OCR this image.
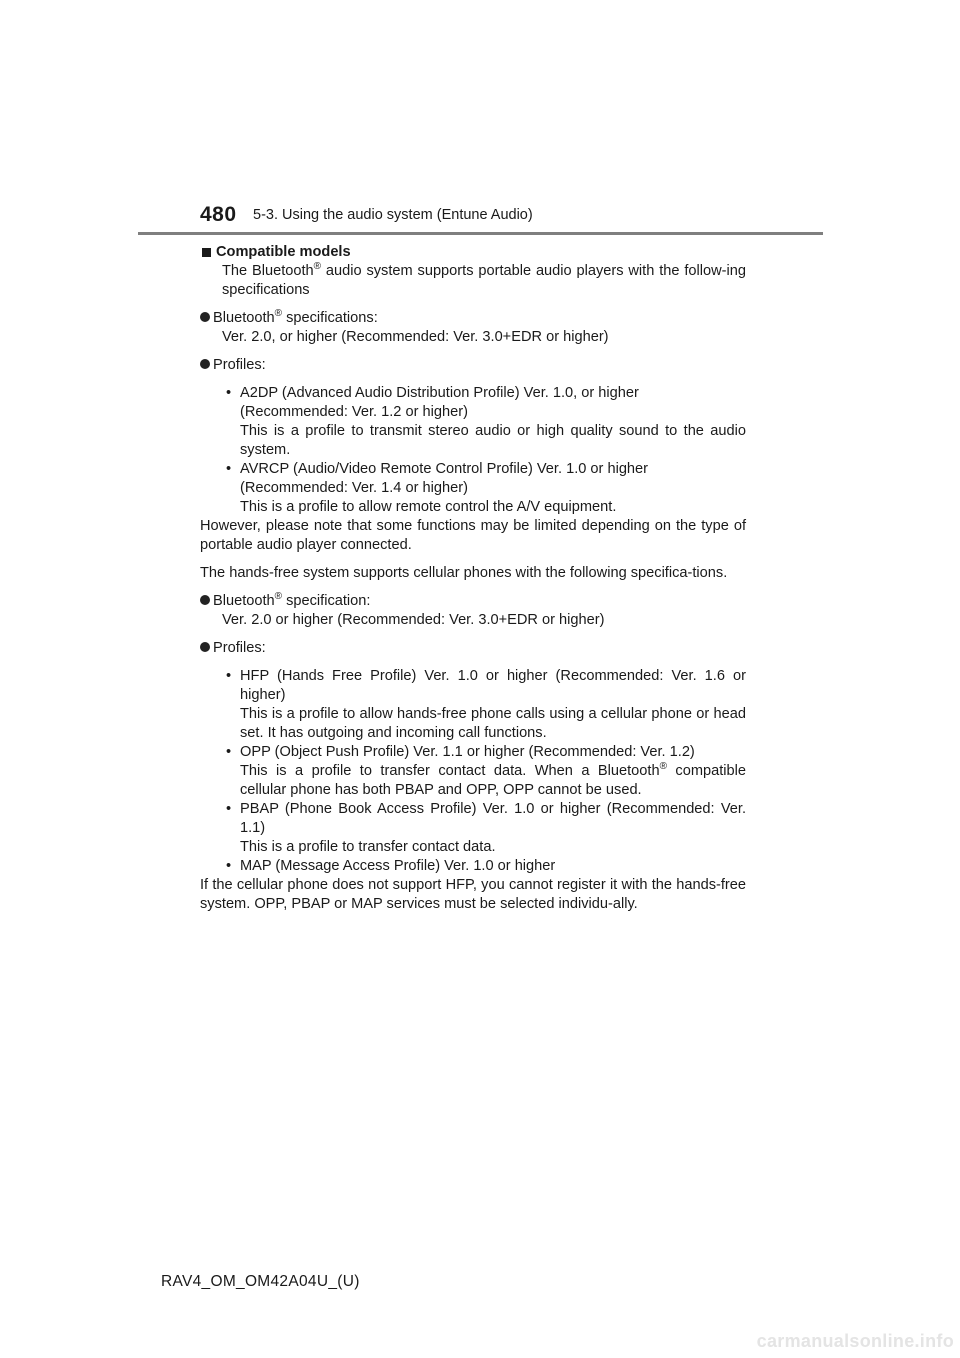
480 5-3. Using the audio system (Entune Audio)
Compatible models
The Bluetooth® audio system supports portable audio players with the follow-ing specifications
Bluetooth® specifications:
Ver. 2.0, or higher (Recommended: Ver. 3.0+EDR or higher)
Profiles:
• A2DP (Advanced Audio Distribution Profile) Ver. 1.0, or higher
(Recommended: Ver. 1.2 or higher)
This is a profile to transmit stereo audio or high quality sound to the audio system.
• AVRCP (Audio/Video Remote Control Profile) Ver. 1.0 or higher
(Recommended: Ver. 1.4 or higher)
This is a profile to allow remote control the A/V equipment.
However, please note that some functions may be limited depending on the type of portable audio player connected.
The hands-free system supports cellular phones with the following specifica-tions.
Bluetooth® specification:
Ver. 2.0 or higher (Recommended: Ver. 3.0+EDR or higher)
Profiles:
• HFP (Hands Free Profile) Ver. 1.0 or higher (Recommended: Ver. 1.6 or higher)
This is a profile to allow hands-free phone calls using a cellular phone or head set. It has outgoing and incoming call functions.
• OPP (Object Push Profile) Ver. 1.1 or higher (Recommended: Ver. 1.2)
This is a profile to transfer contact data. When a Bluetooth® compatible cellular phone has both PBAP and OPP, OPP cannot be used.
• PBAP (Phone Book Access Profile) Ver. 1.0 or higher (Recommended: Ver. 1.1)
This is a profile to transfer contact data.
• MAP (Message Access Profile) Ver. 1.0 or higher
If the cellular phone does not support HFP, you cannot register it with the hands-free system. OPP, PBAP or MAP services must be selected individu-ally.
RAV4_OM_OM42A04U_(U)
carmanualsonline.info
